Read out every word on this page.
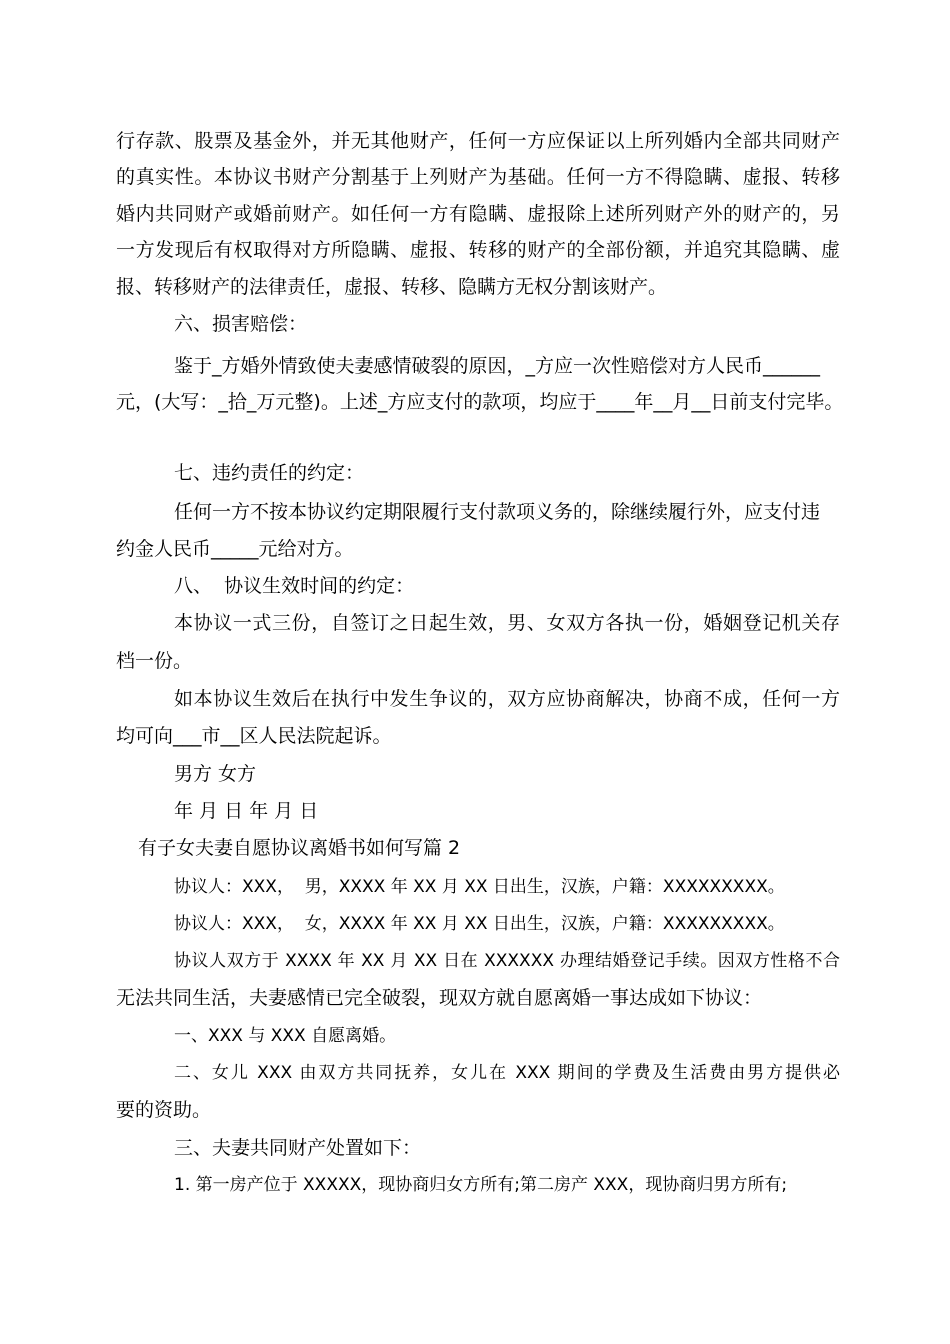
行存款、股票及基金外，并无其他财产，任何一方应保证以上所列婚内全部共同财产
的真实性。本协议书财产分割基于上列财产为基础。任何一方不得隐瞒、虚报、转移
婚内共同财产或婚前财产。如任何一方有隐瞒、虚报除上述所列财产外的财产的，另
一方发现后有权取得对方所隐瞒、虚报、转移的财产的全部份额，并追究其隐瞒、虚
报、转移财产的法律责任，虚报、转移、隐瞒方无权分割该财产。
六、损害赔偿：
鉴于_方婚外情致使夫妻感情破裂的原因，_方应一次性赔偿对方人民币______
元，(大写：_拾_万元整)。上述_方应支付的款项，均应于____年__月__日前支付完毕。
七、违约责任的约定：
任何一方不按本协议约定期限履行支付款项义务的，除继续履行外，应支付违
约金人民币_____元给对方。
八、  协议生效时间的约定：
本协议一式三份，自签订之日起生效，男、女双方各执一份，婚姻登记机关存
档一份。
如本协议生效后在执行中发生争议的，双方应协商解决，协商不成，任何一方
均可向___市__区人民法院起诉。
男方 女方
年 月 日 年 月 日
有子女夫妻自愿协议离婚书如何写篇 2
协议人：XXX，  男，XXXX 年 XX 月 XX 日出生，汉族，户籍：XXXXXXXXX。
协议人：XXX，  女，XXXX 年 XX 月 XX 日出生，汉族，户籍：XXXXXXXXX。
协议人双方于 XXXX 年 XX 月 XX 日在 XXXXXX 办理结婚登记手续。因双方性格不合
无法共同生活，夫妻感情已完全破裂，现双方就自愿离婚一事达成如下协议：
一、XXX 与 XXX 自愿离婚。
二、女儿 XXX 由双方共同抚养，女儿在 XXX 期间的学费及生活费由男方提供必
要的资助。
三、夫妻共同财产处置如下：
1. 第一房产位于 XXXXX，现协商归女方所有;第二房产 XXX，现协商归男方所有;
